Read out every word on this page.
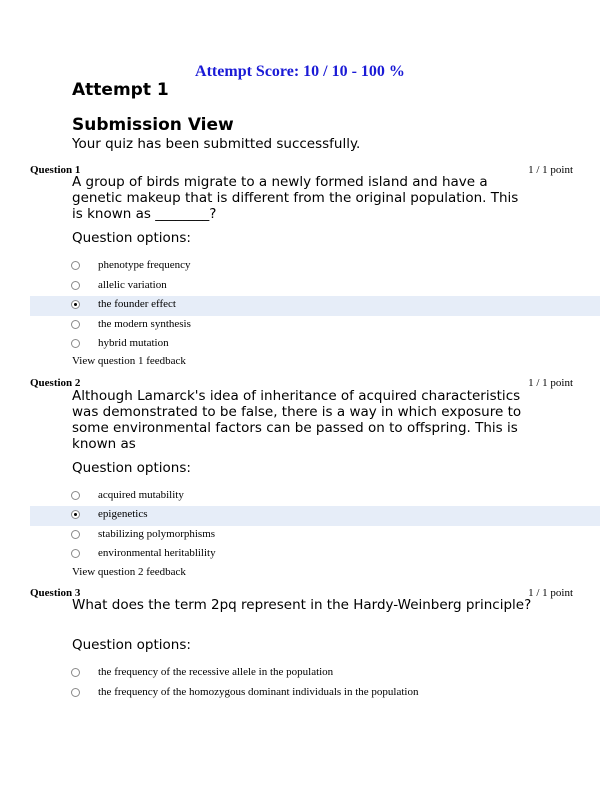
Attempt Score: 10 / 10 - 100 %
Attempt 1
Submission View
Your quiz has been submitted successfully.
Question 1	1 / 1 point
A group of birds migrate to a newly formed island and have a genetic makeup that is different from the original population. This is known as ________?
Question options:
phenotype frequency
allelic variation
the founder effect
the modern synthesis
hybrid mutation
View question 1 feedback
Question 2	1 / 1 point
Although Lamarck's idea of inheritance of acquired characteristics was demonstrated to be false, there is a way in which exposure to some environmental factors can be passed on to offspring. This is known as
Question options:
acquired mutability
epigenetics
stabilizing polymorphisms
environmental heritablility
View question 2 feedback
Question 3	1 / 1 point
What does the term 2pq represent in the Hardy-Weinberg principle?
Question options:
the frequency of the recessive allele in the population
the frequency of the homozygous dominant individuals in the population
